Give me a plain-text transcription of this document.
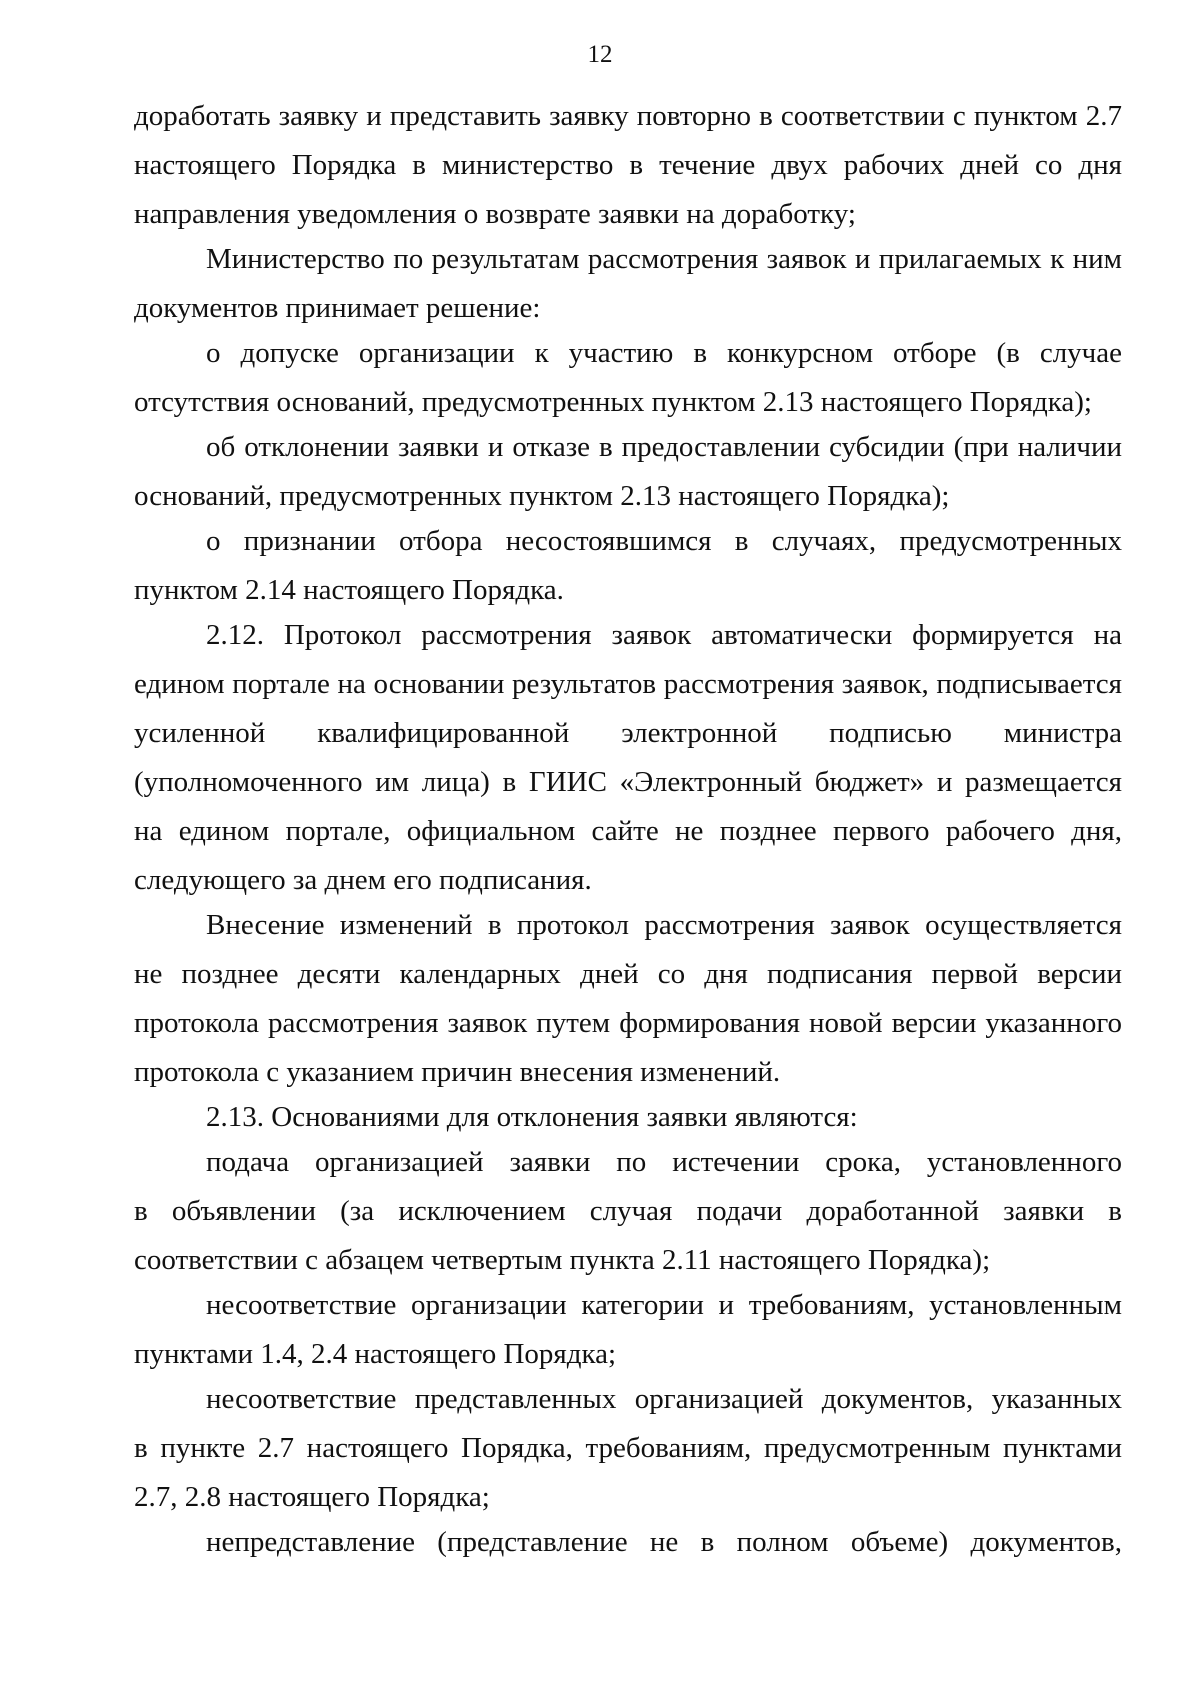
12
доработать заявку и представить заявку повторно в соответствии с пунктом 2.7
настоящего Порядка в министерство в течение двух рабочих дней со дня
направления уведомления о возврате заявки на доработку;
Министерство по результатам рассмотрения заявок и прилагаемых к ним
документов принимает решение:
о допуске организации к участию в конкурсном отборе (в случае
отсутствия оснований, предусмотренных пунктом 2.13 настоящего Порядка);
об отклонении заявки и отказе в предоставлении субсидии (при наличии
оснований, предусмотренных пунктом 2.13 настоящего Порядка);
о признании отбора несостоявшимся в случаях, предусмотренных
пунктом 2.14 настоящего Порядка.
2.12. Протокол рассмотрения заявок автоматически формируется на
едином портале на основании результатов рассмотрения заявок, подписывается
усиленной квалифицированной электронной подписью министра
(уполномоченного им лица) в ГИИС «Электронный бюджет» и размещается
на едином портале, официальном сайте не позднее первого рабочего дня,
следующего за днем его подписания.
Внесение изменений в протокол рассмотрения заявок осуществляется
не позднее десяти календарных дней со дня подписания первой версии
протокола рассмотрения заявок путем формирования новой версии указанного
протокола с указанием причин внесения изменений.
2.13. Основаниями для отклонения заявки являются:
подача организацией заявки по истечении срока, установленного
в объявлении (за исключением случая подачи доработанной заявки в
соответствии с абзацем четвертым пункта 2.11 настоящего Порядка);
несоответствие организации категории и требованиям, установленным
пунктами 1.4, 2.4 настоящего Порядка;
несоответствие представленных организацией документов, указанных
в пункте 2.7 настоящего Порядка, требованиям, предусмотренным пунктами
2.7, 2.8 настоящего Порядка;
непредставление (представление не в полном объеме) документов,
